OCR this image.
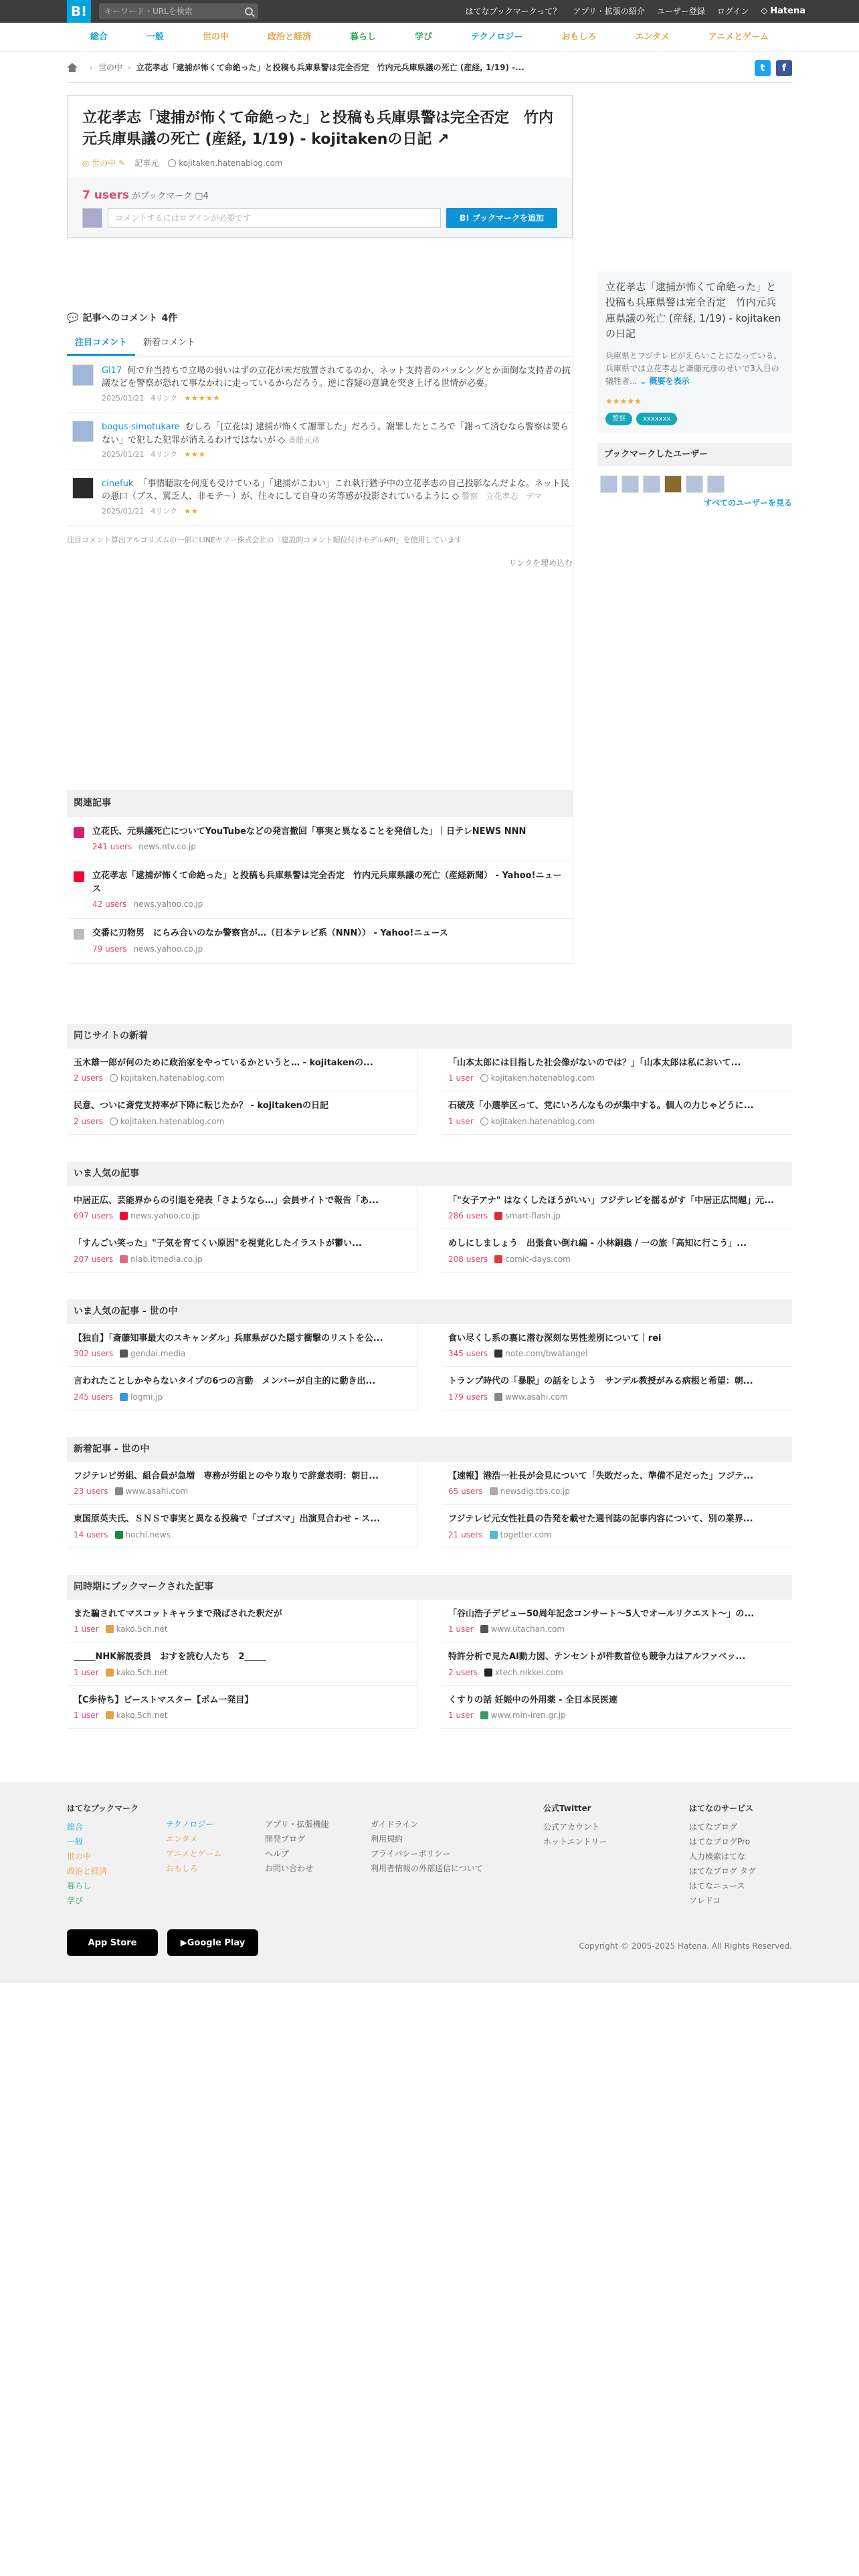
B!	キーワード・URLを検索	はてなブックマークって？ アプリ・拡張の紹介 ユーザー登録 ログイン ◇ Hatena
総合	一般	世の中	政治と経済	暮らし	学び	テクノロジー	おもしろ	エンタメ	アニメとゲーム
› 世の中 › 立花孝志「逮捕が怖くて命絶った」と投稿も兵庫県警は完全否定　竹内元兵庫県議の死亡 (産経, 1/19) -...	t	f
立花孝志「逮捕が怖くて命絶った」と投稿も兵庫県警は完全否定　竹内元兵庫県議の死亡 (産経, 1/19) - kojitakenの日記 ↗
◎ 世の中 ✎ 記事元	kojitaken.hatenablog.com
7 users がブックマーク ▢4
コメントするにはログインが必要です	B! ブックマークを追加
💬 記事へのコメント 4件
注目コメント	新着コメント
Gl17 何で弁当持ちで立場の弱いはずの立花が未だ放置されてるのか、ネット支持者のバッシングとか面倒な支持者の抗議などを警察が恐れて事なかれに走っているからだろう。逆に容疑の意識を突き上げる世情が必要。
2025/01/21 4リンク ★★★★★
bogus-simotukare むしろ「(立花は) 逮捕が怖くて謝罪した」だろう。謝罪したところで「謝って済むなら警察は要らない」で犯した犯罪が消えるわけではないが ◇ 斎藤元彦
2025/01/21 4リンク ★★★
cinefuk 「事情聴取を何度も受けている」「逮捕がこわい」これ執行猶予中の立花孝志の自己投影なんだよな。ネット民の悪口（ブス、罵乏人、非モテ〜）が、往々にして自身の劣等感が投影されているように ◇ 警察　立花孝志　デマ
2025/01/21 4リンク ★★
注目コメント算出アルゴリズムの一部にLINEヤフー株式会社の「建設的コメント順位付けモデルAPI」を使用しています
リンクを埋め込む
関連記事
立花氏、元県議死亡についてYouTubeなどの発言撤回「事実と異なることを発信した」｜日テレNEWS NNN
241 users news.ntv.co.jp
立花孝志「逮捕が怖くて命絶った」と投稿も兵庫県警は完全否定　竹内元兵庫県議の死亡（産経新聞） - Yahoo!ニュース
42 users news.yahoo.co.jp
交番に刃物男　にらみ合いのなか警察官が…（日本テレビ系（NNN）） - Yahoo!ニュース
79 users news.yahoo.co.jp
立花孝志「逮捕が怖くて命絶った」と投稿も兵庫県警は完全否定　竹内元兵庫県議の死亡 (産経, 1/19) - kojitakenの日記
兵庫県とフジテレビがえらいことになっている。兵庫県では立花孝志と斎藤元彦のせいで3人目の犠牲者... ⌄ 概要を表示
★★★★★
警察	xxxxxxx
ブックマークしたユーザー
すべてのユーザーを見る
同じサイトの新着
玉木雄一郎が何のために政治家をやっているかというと… - kojitakenの...
2 users kojitaken.hatenablog.com
「山本太郎には目指した社会像がないのでは？」「山本太郎は私において...
1 user kojitaken.hatenablog.com
民意、ついに斎党支持率が下降に転じたか？ - kojitakenの日記
2 users kojitaken.hatenablog.com
石破茂「小選挙区って、党にいろんなものが集中する。個人の力じゃどうに...
1 user kojitaken.hatenablog.com
いま人気の記事
中居正広、芸能界からの引退を発表「さようなら…」会員サイトで報告「あ...
697 users news.yahoo.co.jp
「"女子アナ" はなくしたほうがいい」フジテレビを揺るがす「中居正広問題」元...
286 users smart-flash.jp
「すんごい笑った」"子気を育てくい原因"を視覚化したイラストが鬱い...
207 users nlab.itmedia.co.jp
めしにしましょう　出張食い倒れ編 - 小林銅蟲 / 一の旅「高知に行こう」...
208 users comic-days.com
いま人気の記事 - 世の中
【独自】「斎藤知事最大のスキャンダル」兵庫県がひた隠す衝撃のリストを公...
302 users gendai.media
食い尽くし系の裏に潜む深刻な男性差別について｜rei
345 users note.com/bwatangel
言われたことしかやらないタイプの6つの言動　メンバーが自主的に動き出...
245 users logmi.jp
トランプ時代の「暴脱」の話をしよう　サンデル教授がみる病根と希望：朝...
179 users www.asahi.com
新着記事 - 世の中
フジテレビ労組、組合員が急増　専務が労組とのやり取りで辞意表明：朝日...
23 users www.asahi.com
【速報】港浩一社長が会見について「失敗だった、準備不足だった」フジテ...
65 users newsdig.tbs.co.jp
東国原英夫氏、ＳＮＳで事実と異なる投稿で「ゴゴスマ」出演見合わせ - ス...
14 users hochi.news
フジテレビ元女性社員の告発を載せた週刊誌の記事内容について、別の業界...
21 users togetter.com
同時期にブックマークされた記事
また騙されてマスコットキャラまで飛ばされた釈だが
1 user kako.5ch.net
「谷山浩子デビュー50周年記念コンサート〜5人でオールリクエスト〜」の...
1 user www.utachan.com
_____NHK解説委員　おすを読む人たち　2_____
1 user kako.5ch.net
特許分析で見たAI動力図、テンセントが件数首位も競争力はアルファベッ...
2 users xtech.nikkei.com
【C歩待ち】ビーストマスター【ポム一発目】
1 user kako.5ch.net
くすりの話 妊娠中の外用薬 - 全日本民医連
1 user www.min-iren.gr.jp
はてなブックマーク
総合
一般
世の中
政治と経済
暮らし
学び
テクノロジー
エンタメ
アニメとゲーム
おもしろ
アプリ・拡張機能
開発ブログ
ヘルプ
お問い合わせ
ガイドライン
利用規約
プライバシーポリシー
利用者情報の外部送信について
公式Twitter
公式アカウント
ホットエントリー
はてなのサービス
はてなブログ
はてなブログPro
人力検索はてな
はてなブログ タグ
はてなニュース
ソレドコ
App Store	▶ Google Play	Copyright © 2005-2025 Hatena. All Rights Reserved.
